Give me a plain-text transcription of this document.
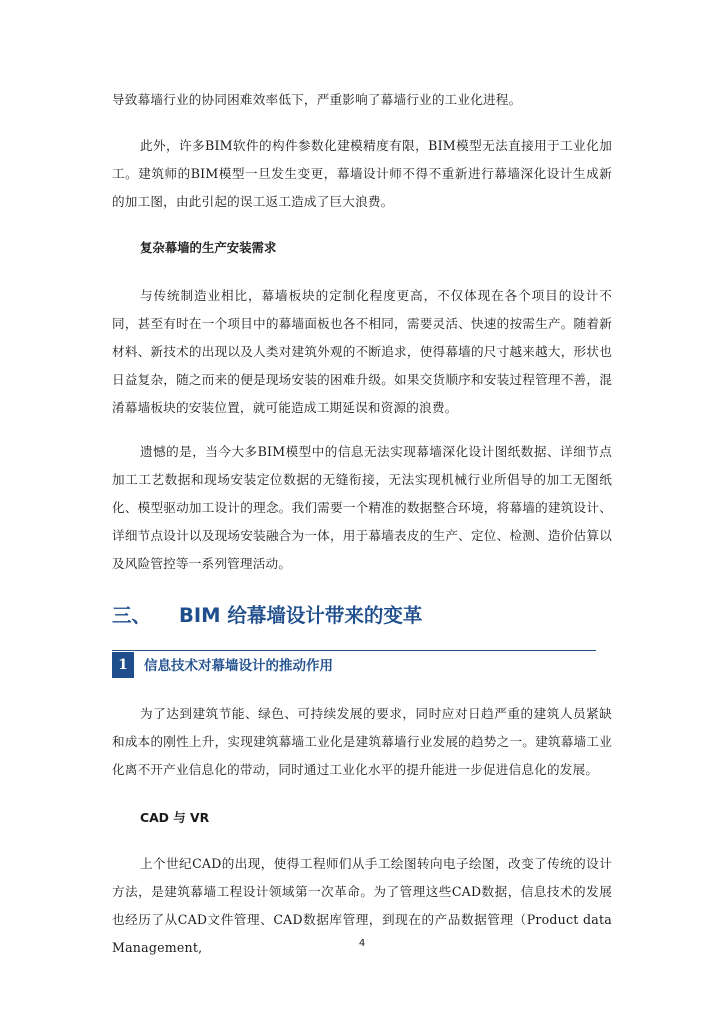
导致幕墙行业的协同困难效率低下，严重影响了幕墙行业的工业化进程。

此外，许多BIM软件的构件参数化建模精度有限，BIM模型无法直接用于工业化加工。建筑师的BIM模型一旦发生变更，幕墙设计师不得不重新进行幕墙深化设计生成新的加工图，由此引起的误工返工造成了巨大浪费。

复杂幕墙的生产安装需求

与传统制造业相比，幕墙板块的定制化程度更高，不仅体现在各个项目的设计不同，甚至有时在一个项目中的幕墙面板也各不相同，需要灵活、快速的按需生产。随着新材料、新技术的出现以及人类对建筑外观的不断追求，使得幕墙的尺寸越来越大，形状也日益复杂，随之而来的便是现场安装的困难升级。如果交货顺序和安装过程管理不善，混淆幕墙板块的安装位置，就可能造成工期延误和资源的浪费。

遗憾的是，当今大多BIM模型中的信息无法实现幕墙深化设计图纸数据、详细节点加工工艺数据和现场安装定位数据的无缝衔接，无法实现机械行业所倡导的加工无图纸化、模型驱动加工设计的理念。我们需要一个精准的数据整合环境，将幕墙的建筑设计、详细节点设计以及现场安装融合为一体，用于幕墙表皮的生产、定位、检测、造价估算以及风险管控等一系列管理活动。

三、 BIM 给幕墙设计带来的变革
1	信息技术对幕墙设计的推动作用

为了达到建筑节能、绿色、可持续发展的要求，同时应对日趋严重的建筑人员紧缺和成本的刚性上升，实现建筑幕墙工业化是建筑幕墙行业发展的趋势之一。建筑幕墙工业化离不开产业信息化的带动，同时通过工业化水平的提升能进一步促进信息化的发展。

CAD 与 VR

上个世纪CAD的出现，使得工程师们从手工绘图转向电子绘图，改变了传统的设计方法，是建筑幕墙工程设计领域第一次革命。为了管理这些CAD数据，信息技术的发展也经历了从CAD文件管理、CAD数据库管理，到现在的产品数据管理（Product data Management,	4
